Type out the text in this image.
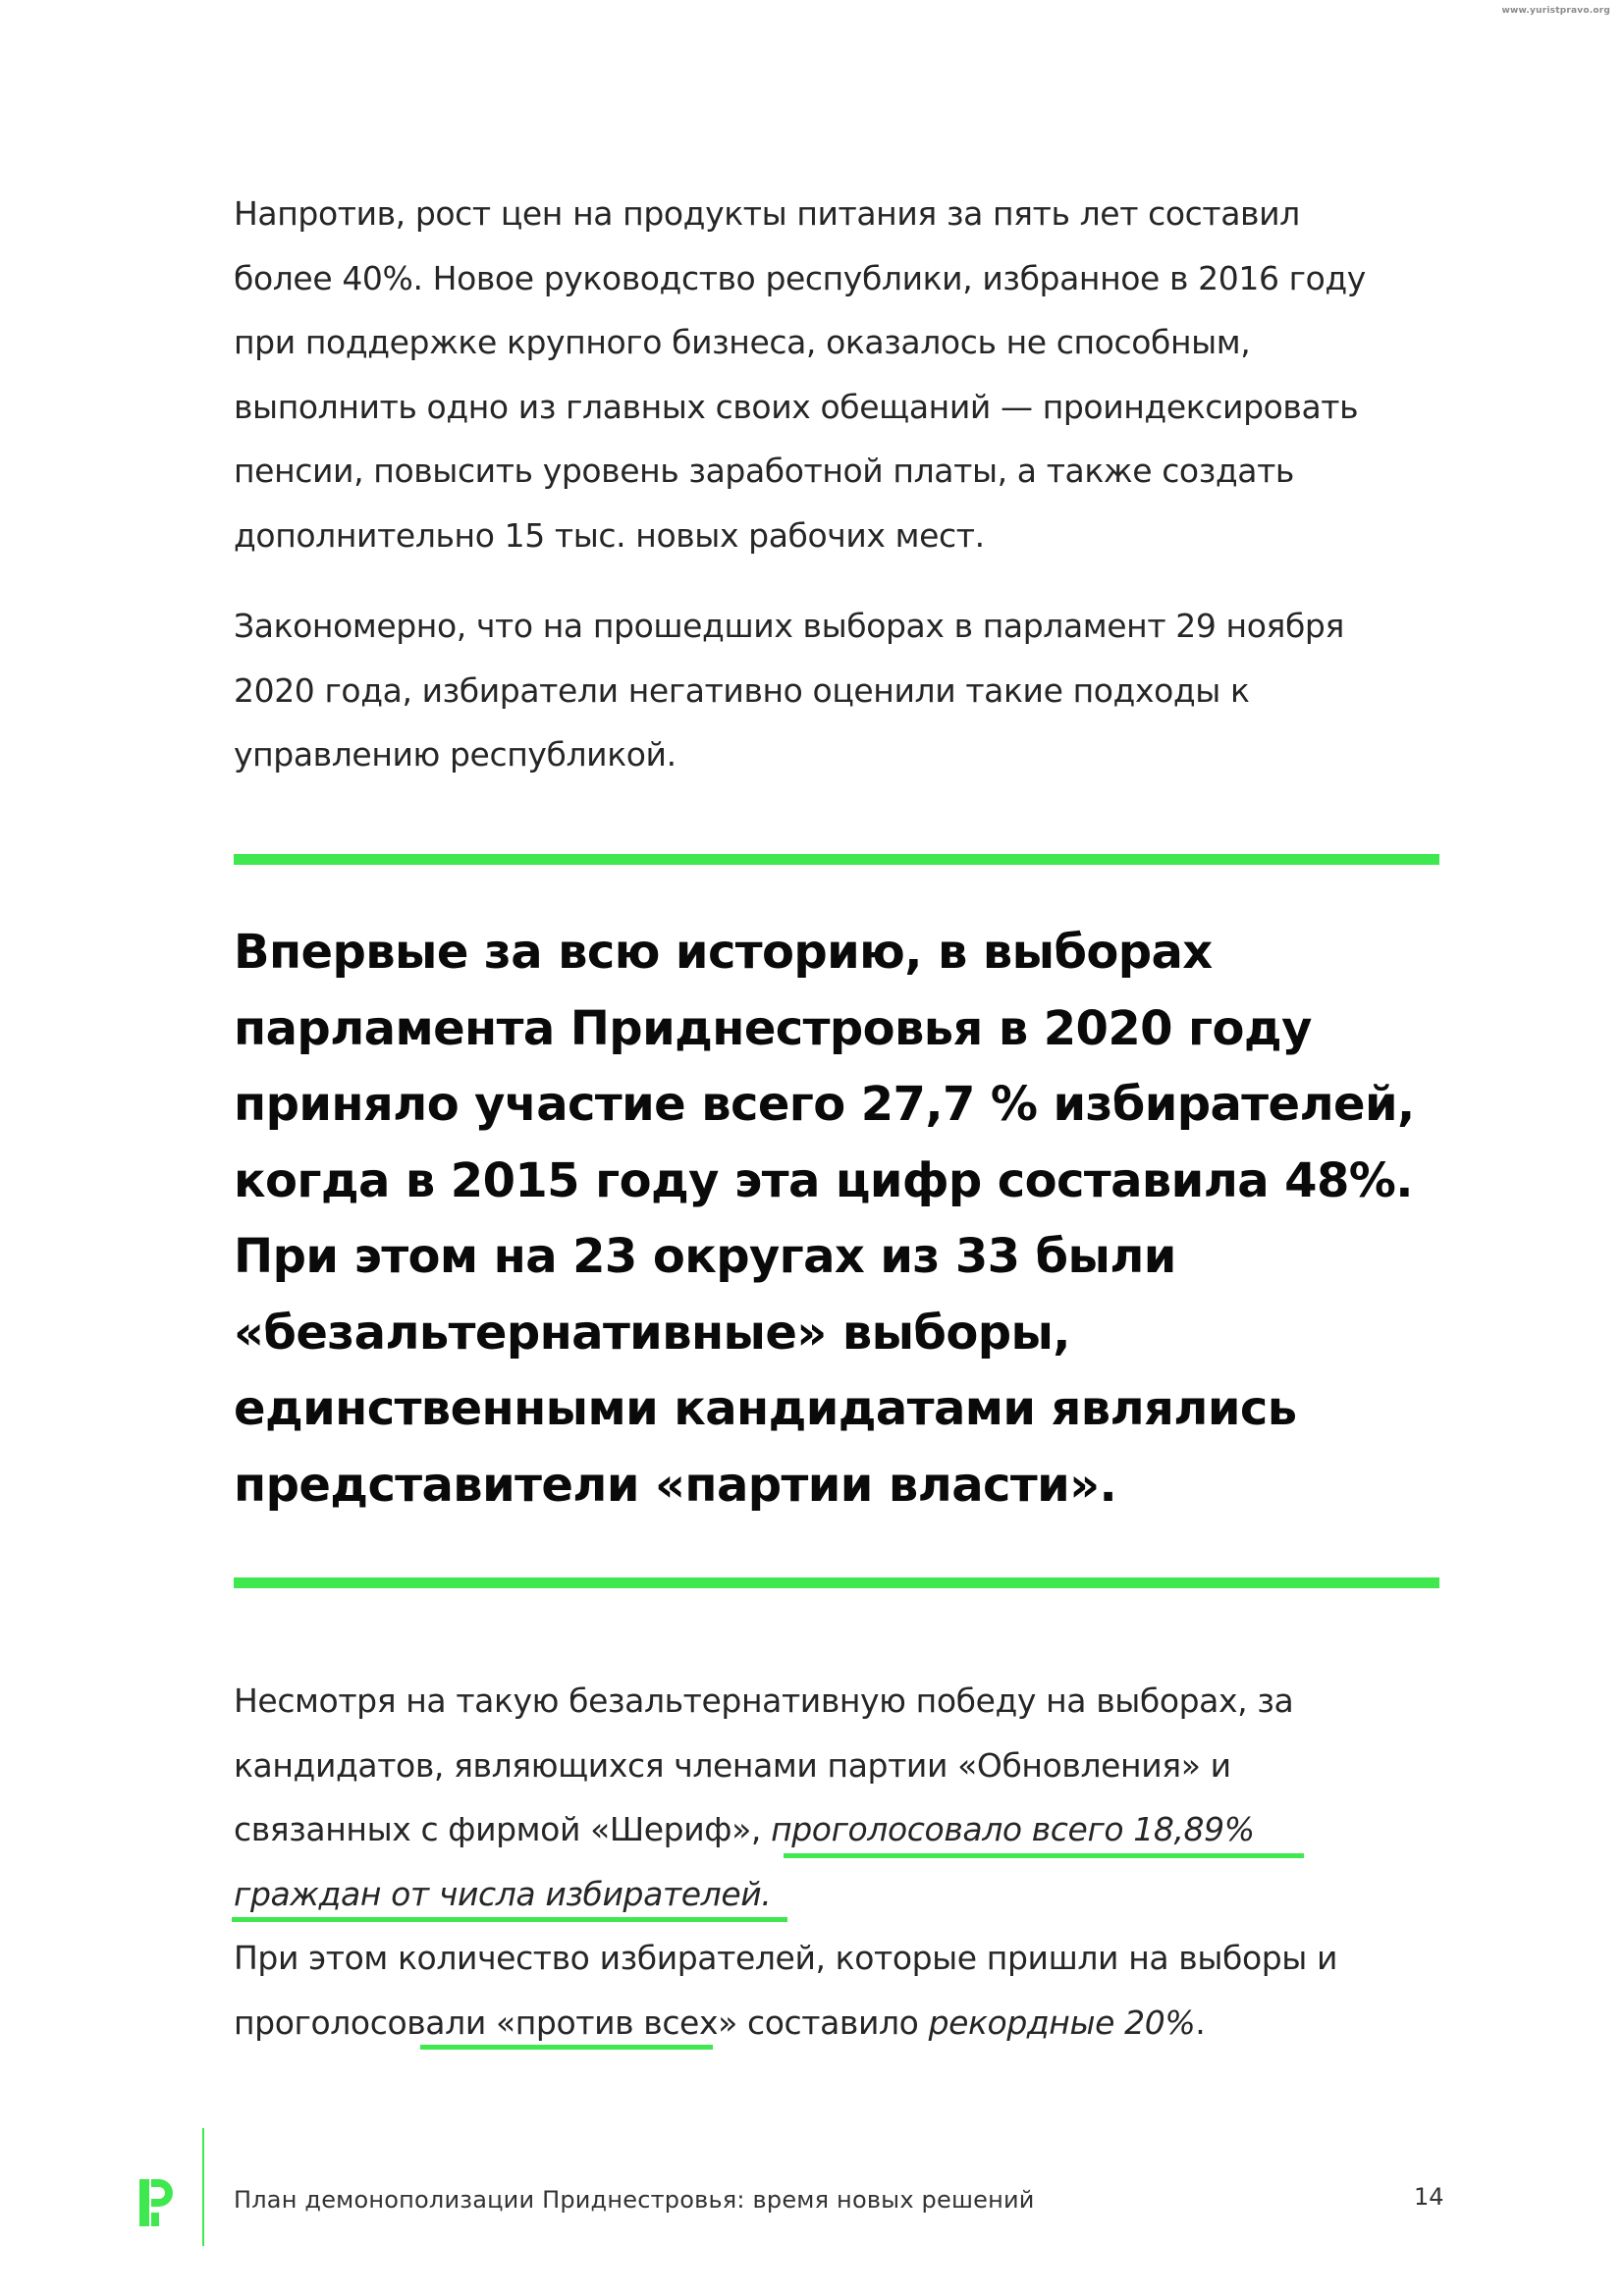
www.yuristpravo.org

Напротив, рост цен на продукты питания за пять лет составил
более 40%. Новое руководство республики, избранное в 2016 году
при поддержке крупного бизнеса, оказалось не способным,
выполнить одно из главных своих обещаний — проиндексировать
пенсии, повысить уровень заработной платы, а также создать
дополнительно 15 тыс. новых рабочих мест.

Закономерно, что на прошедших выборах в парламент 29 ноября
2020 года, избиратели негативно оценили такие подходы к
управлению республикой.

Впервые за всю историю, в выборах
парламента Приднестровья в 2020 году
приняло участие всего 27,7 % избирателей,
когда в 2015 году эта цифр составила 48%.
При этом на 23 округах из 33 были
«безальтернативные» выборы,
единственными кандидатами являлись
представители «партии власти».

Несмотря на такую безальтернативную победу на выборах, за
кандидатов, являющихся членами партии «Обновления» и
связанных с фирмой «Шериф», проголосовало всего 18,89%
граждан от числа избирателей.
При этом количество избирателей, которые пришли на выборы и
проголосовали «против всех» составило рекордные 20%.

План демонополизации Приднестровья: время новых решений	14
